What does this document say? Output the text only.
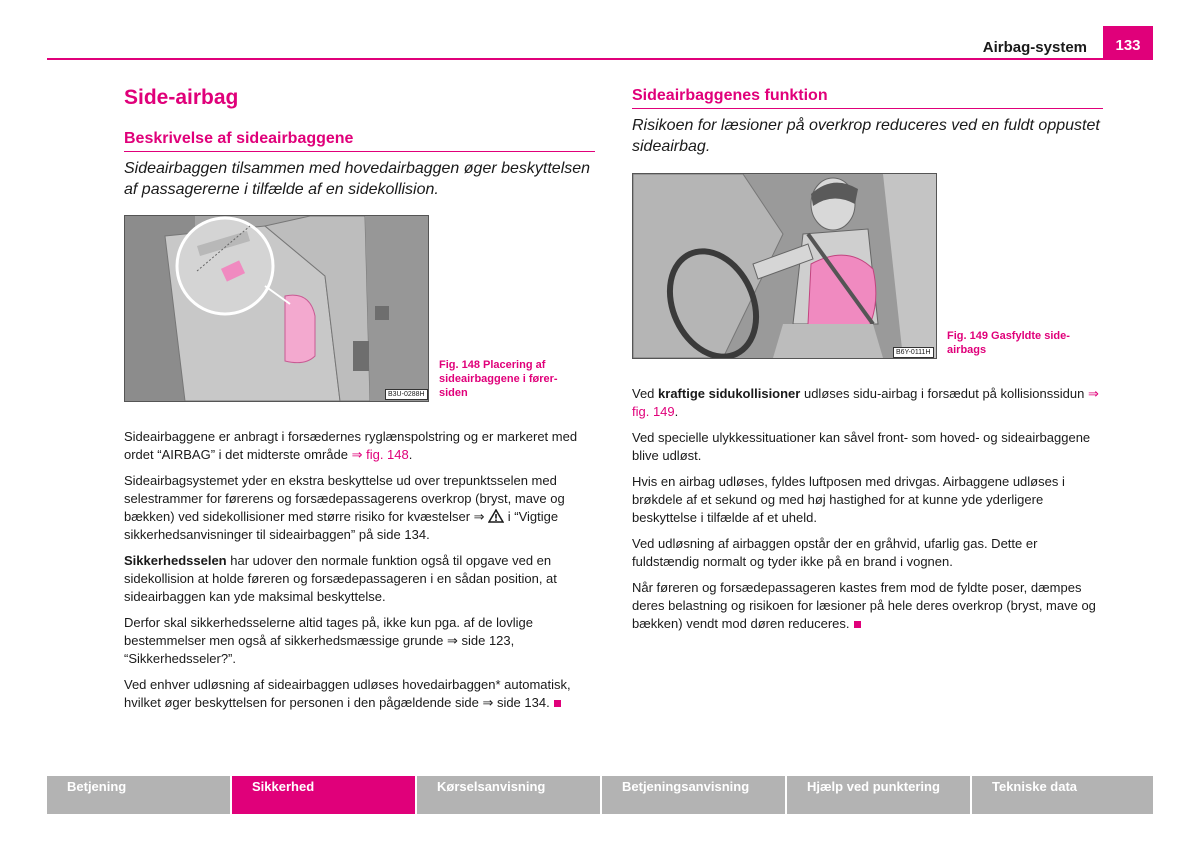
Airbag-system	133
Side-airbag
Beskrivelse af sideairbaggene
Sideairbaggen tilsammen med hovedairbaggen øger beskyttelsen af passagererne i tilfælde af en sidekollision.
B3U-0288H
Fig. 148 Placering af
sideairbaggene i fører-
siden

Sideairbaggene er anbragt i forsædernes ryglænspolstring og er markeret med ordet “AIRBAG” i det midterste område ⇒ fig. 148.

Sideairbagsystemet yder en ekstra beskyttelse ud over trepunktsselen med selestrammer for førerens og forsædepassagerens overkrop (bryst, mave og bækken) ved sidekollisioner med større risiko for kvæstelser ⇒  i “Vigtige sikkerhedsanvisninger til sideairbaggen” på side 134.

Sikkerhedsselen har udover den normale funktion også til opgave ved en sidekollision at holde føreren og forsædepassageren i en sådan position, at sideairbaggen kan yde maksimal beskyttelse.

Derfor skal sikkerhedsselerne altid tages på, ikke kun pga. af de lovlige bestemmelser men også af sikkerhedsmæssige grunde ⇒ side 123, “Sikkerhedsseler?”.

Ved enhver udløsning af sideairbaggen udløses hovedairbaggen* automatisk, hvilket øger beskyttelsen for personen i den pågældende side ⇒ side 134.

Sideairbaggenes funktion
Risikoen for læsioner på overkrop reduceres ved en fuldt oppustet sideairbag.
B6Y-0111H
Fig. 149 Gasfyldte side-
airbags

Ved kraftige sidukollisioner udløses sidu-airbag i forsædut på kollisionssidun ⇒ fig. 149.

Ved specielle ulykkessituationer kan såvel front- som hoved- og sideairbaggene blive udløst.

Hvis en airbag udløses, fyldes luftposen med drivgas. Airbaggene udløses i brøkdele af et sekund og med høj hastighed for at kunne yde yderligere beskyttelse i tilfælde af et uheld.

Ved udløsning af airbaggen opstår der en gråhvid, ufarlig gas. Dette er fuldstændig normalt og tyder ikke på en brand i vognen.

Når føreren og forsædepassageren kastes frem mod de fyldte poser, dæmpes deres belastning og risikoen for læsioner på hele deres overkrop (bryst, mave og bækken) vendt mod døren reduceres.

Betjening	Sikkerhed	Kørselsanvisning	Betjeningsanvisning	Hjælp ved punktering	Tekniske data
